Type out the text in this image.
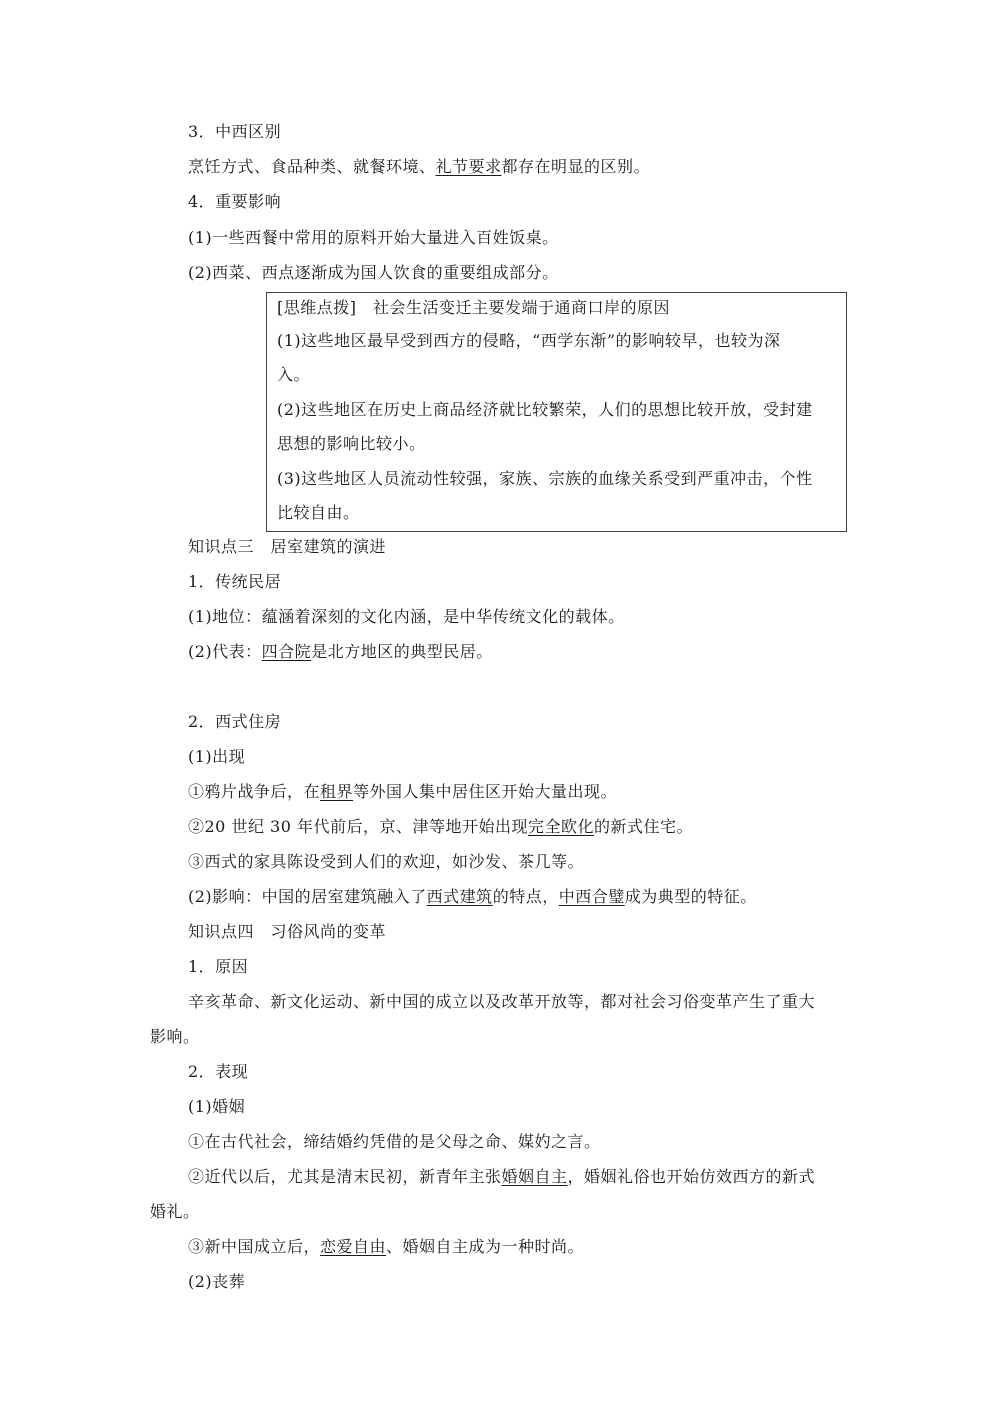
3．中西区别
烹饪方式、食品种类、就餐环境、礼节要求都存在明显的区别。
4．重要影响
(1)一些西餐中常用的原料开始大量进入百姓饭桌。
(2)西菜、西点逐渐成为国人饮食的重要组成部分。
[思维点拨]　 社会生活变迁主要发端于通商口岸的原因
(1)这些地区最早受到西方的侵略，“西学东渐”的影响较早，也较为深
入。
(2)这些地区在历史上商品经济就比较繁荣，人们的思想比较开放，受封建
思想的影响比较小。
(3)这些地区人员流动性较强，家族、宗族的血缘关系受到严重冲击，个性
比较自由。
知识点三　居室建筑的演进
1．传统民居
(1)地位：蕴涵着深刻的文化内涵，是中华传统文化的载体。
(2)代表：四合院是北方地区的典型民居。
2．西式住房
(1)出现
①鸦片战争后，在租界等外国人集中居住区开始大量出现。
②20 世纪 30 年代前后，京、津等地开始出现完全欧化的新式住宅。
③西式的家具陈设受到人们的欢迎，如沙发、茶几等。
(2)影响：中国的居室建筑融入了西式建筑的特点，中西合璧成为典型的特征。
知识点四　习俗风尚的变革
1．原因
辛亥革命、新文化运动、新中国的成立以及改革开放等，都对社会习俗变革产生了重大
影响。
2．表现
(1)婚姻
①在古代社会，缔结婚约凭借的是父母之命、媒妁之言。
②近代以后，尤其是清末民初，新青年主张婚姻自主，婚姻礼俗也开始仿效西方的新式
婚礼。
③新中国成立后，恋爱自由、婚姻自主成为一种时尚。
(2)丧葬
